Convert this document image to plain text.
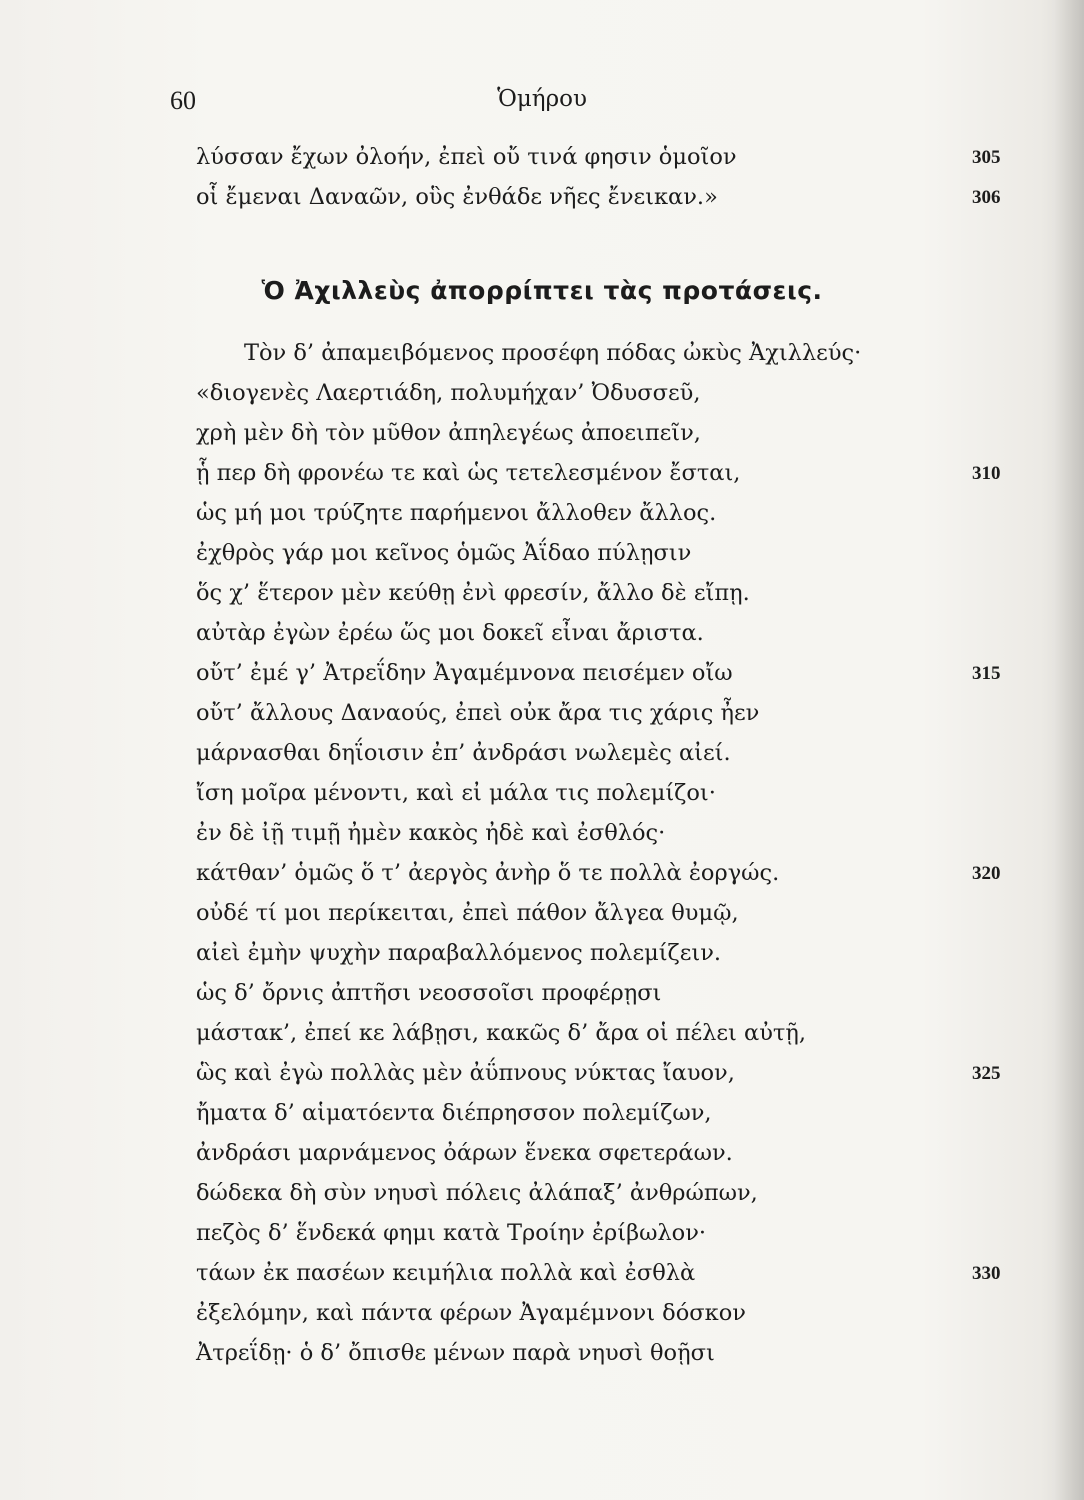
60	Ὁμήρου
λύσσαν ἔχων ὀλοήν, ἐπεὶ οὔ τινά φησιν ὁμοῖον	305
οἷ ἔμεναι Δαναῶν, οὓς ἐνθάδε νῆες ἔνεικαν.»	306
Ὁ Ἀχιλλεὺς ἀπορρίπτει τὰς προτάσεις.
Τὸν δ’ ἀπαμειβόμενος προσέφη πόδας ὠκὺς Ἀχιλλεύς·
«διογενὲς Λαερτιάδη, πολυμήχαν’ Ὀδυσσεῦ,
χρὴ μὲν δὴ τὸν μῦθον ἀπηλεγέως ἀποειπεῖν,
ᾗ περ δὴ φρονέω τε καὶ ὡς τετελεσμένον ἔσται,	310
ὡς μή μοι τρύζητε παρήμενοι ἄλλοθεν ἄλλος.
ἐχθρὸς γάρ μοι κεῖνος ὁμῶς Ἀΐδαο πύλῃσιν
ὅς χ’ ἕτερον μὲν κεύθῃ ἐνὶ φρεσίν, ἄλλο δὲ εἴπῃ.
αὐτὰρ ἐγὼν ἐρέω ὥς μοι δοκεῖ εἶναι ἄριστα.
οὔτ’ ἐμέ γ’ Ἀτρεΐδην Ἀγαμέμνονα πεισέμεν οἴω	315
οὔτ’ ἄλλους Δαναούς, ἐπεὶ οὐκ ἄρα τις χάρις ἦεν
μάρνασθαι δηΐοισιν ἐπ’ ἀνδράσι νωλεμὲς αἰεί.
ἴση μοῖρα μένοντι, καὶ εἰ μάλα τις πολεμίζοι·
ἐν δὲ ἰῇ τιμῇ ἠμὲν κακὸς ἠδὲ καὶ ἐσθλός·
κάτθαν’ ὁμῶς ὅ τ’ ἀεργὸς ἀνὴρ ὅ τε πολλὰ ἐοργώς.	320
οὐδέ τί μοι περίκειται, ἐπεὶ πάθον ἄλγεα θυμῷ,
αἰεὶ ἐμὴν ψυχὴν παραβαλλόμενος πολεμίζειν.
ὡς δ’ ὄρνις ἀπτῆσι νεοσσοῖσι προφέρῃσι
μάστακ’, ἐπεί κε λάβῃσι, κακῶς δ’ ἄρα οἱ πέλει αὐτῇ,
ὣς καὶ ἐγὼ πολλὰς μὲν ἀΰπνους νύκτας ἴαυον,	325
ἤματα δ’ αἱματόεντα διέπρησσον πολεμίζων,
ἀνδράσι μαρνάμενος ὀάρων ἕνεκα σφετεράων.
δώδεκα δὴ σὺν νηυσὶ πόλεις ἀλάπαξ’ ἀνθρώπων,
πεζὸς δ’ ἕνδεκά φημι κατὰ Τροίην ἐρίβωλον·
τάων ἐκ πασέων κειμήλια πολλὰ καὶ ἐσθλὰ	330
ἐξελόμην, καὶ πάντα φέρων Ἀγαμέμνονι δόσκον
Ἀτρεΐδῃ· ὁ δ’ ὄπισθε μένων παρὰ νηυσὶ θοῇσι
